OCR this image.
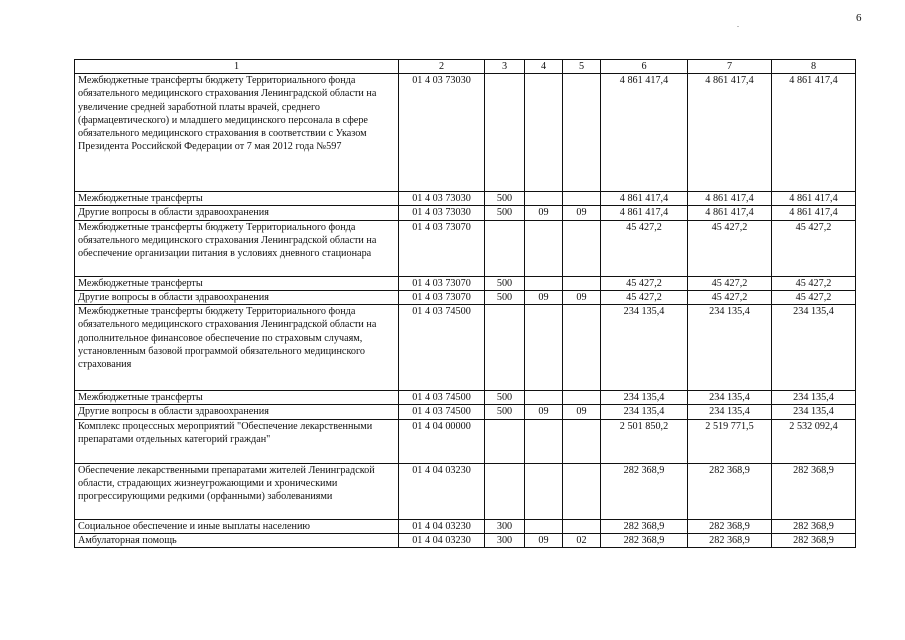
6
.
1	2	3	4	5	6	7	8
Межбюджетные трансферты бюджету Территориального фонда обязательного медицинского страхования Ленинградской области на увеличение средней заработной платы врачей, среднего (фармацевтического) и младшего медицинского персонала в сфере обязательного медицинского страхования в соответствии с Указом Президента Российской Федерации от 7 мая 2012 года №597	01 4 03 73030				4 861 417,4	4 861 417,4	4 861 417,4
Межбюджетные трансферты	01 4 03 73030	500			4 861 417,4	4 861 417,4	4 861 417,4
Другие вопросы в области здравоохранения	01 4 03 73030	500	09	09	4 861 417,4	4 861 417,4	4 861 417,4
Межбюджетные трансферты бюджету Территориального фонда обязательного медицинского страхования Ленинградской области на обеспечение организации питания в условиях дневного стационара	01 4 03 73070				45 427,2	45 427,2	45 427,2
Межбюджетные трансферты	01 4 03 73070	500			45 427,2	45 427,2	45 427,2
Другие вопросы в области здравоохранения	01 4 03 73070	500	09	09	45 427,2	45 427,2	45 427,2
Межбюджетные трансферты бюджету Территориального фонда обязательного медицинского страхования Ленинградской области на дополнительное финансовое обеспечение по страховым случаям, установленным базовой программой обязательного медицинского страхования	01 4 03 74500				234 135,4	234 135,4	234 135,4
Межбюджетные трансферты	01 4 03 74500	500			234 135,4	234 135,4	234 135,4
Другие вопросы в области здравоохранения	01 4 03 74500	500	09	09	234 135,4	234 135,4	234 135,4
Комплекс процессных мероприятий "Обеспечение лекарственными препаратами отдельных категорий граждан"	01 4 04 00000				2 501 850,2	2 519 771,5	2 532 092,4
Обеспечение лекарственными препаратами жителей Ленинградской области, страдающих жизнеугрожающими и хроническими прогрессирующими редкими (орфанными) заболеваниями	01 4 04 03230				282 368,9	282 368,9	282 368,9
Социальное обеспечение и иные выплаты населению	01 4 04 03230	300			282 368,9	282 368,9	282 368,9
Амбулаторная помощь	01 4 04 03230	300	09	02	282 368,9	282 368,9	282 368,9
